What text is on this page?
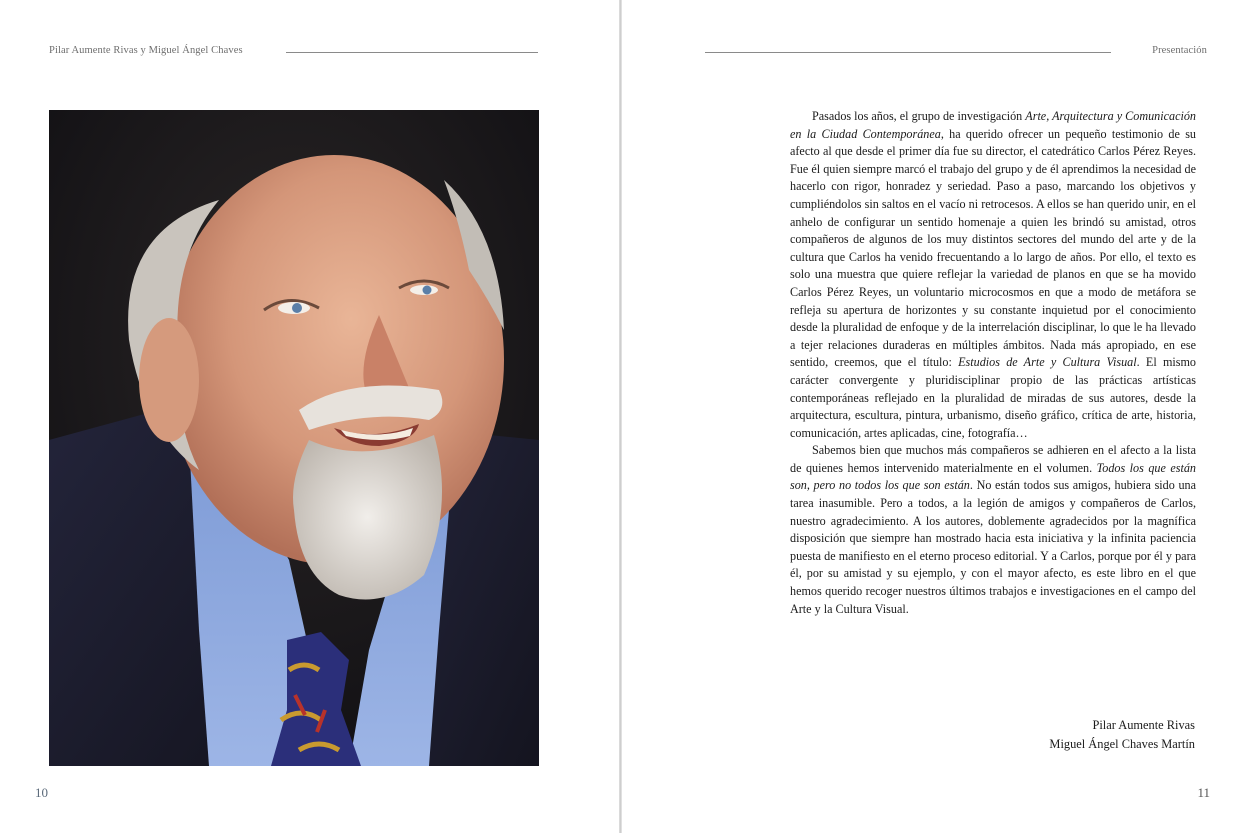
Pilar Aumente Rivas y Miguel Ángel Chaves
10
Presentación

Pasados los años, el grupo de investigación Arte, Arquitectura y Comunicación en la Ciudad Contemporánea, ha querido ofrecer un pequeño testimonio de su afecto al que desde el primer día fue su director, el catedrático Carlos Pérez Reyes. Fue él quien siempre marcó el trabajo del grupo y de él aprendimos la necesidad de hacerlo con rigor, honradez y seriedad. Paso a paso, marcando los objetivos y cumpliéndolos sin saltos en el vacío ni retrocesos. A ellos se han querido unir, en el anhelo de configurar un sentido homenaje a quien les brindó su amistad, otros compañeros de algunos de los muy distintos sectores del mundo del arte y de la cultura que Carlos ha venido frecuentando a lo largo de años. Por ello, el texto es solo una muestra que quiere reflejar la variedad de planos en que se ha movido Carlos Pérez Reyes, un voluntario microcosmos en que a modo de metáfora se refleja su apertura de horizontes y su constante inquietud por el conocimiento desde la pluralidad de enfoque y de la interrelación disciplinar, lo que le ha llevado a tejer relaciones duraderas en múltiples ámbitos. Nada más apropiado, en ese sentido, creemos, que el título: Estudios de Arte y Cultura Visual. El mismo carácter convergente y pluridisciplinar propio de las prácticas artísticas contemporáneas reflejado en la pluralidad de miradas de sus autores, desde la arquitectura, escultura, pintura, urbanismo, diseño gráfico, crítica de arte, historia, comunicación, artes aplicadas, cine, fotografía…

Sabemos bien que muchos más compañeros se adhieren en el afecto a la lista de quienes hemos intervenido materialmente en el volumen. Todos los que están son, pero no todos los que son están. No están todos sus amigos, hubiera sido una tarea inasumible. Pero a todos, a la legión de amigos y compañeros de Carlos, nuestro agradecimiento. A los autores, doblemente agradecidos por la magnífica disposición que siempre han mostrado hacia esta iniciativa y la infinita paciencia puesta de manifiesto en el eterno proceso editorial. Y a Carlos, porque por él y para él, por su amistad y su ejemplo, y con el mayor afecto, es este libro en el que hemos querido recoger nuestros últimos trabajos e investigaciones en el campo del Arte y la Cultura Visual.

Pilar Aumente Rivas
Miguel Ángel Chaves Martín
11
